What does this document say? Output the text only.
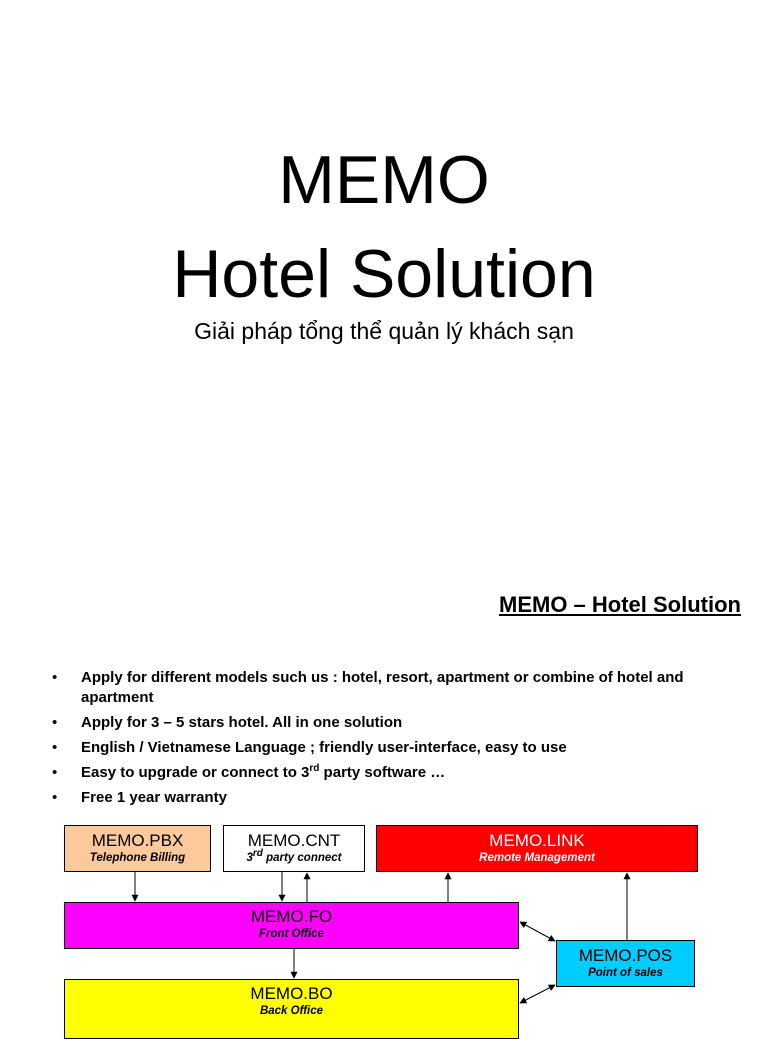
MEMO
Hotel Solution
Giải pháp tổng thể quản lý khách sạn
MEMO – Hotel Solution
• Apply for different models such us : hotel, resort, apartment or combine of hotel and apartment
• Apply for 3 – 5 stars hotel. All in one solution
• English / Vietnamese Language ; friendly user-interface, easy to use
• Easy to upgrade or connect to 3rd party software …
• Free 1 year warranty
MEMO.PBX
Telephone Billing
MEMO.CNT
3rd party connect
MEMO.LINK
Remote Management
MEMO.FO
Front Office
MEMO.POS
Point of sales
MEMO.BO
Back Office
